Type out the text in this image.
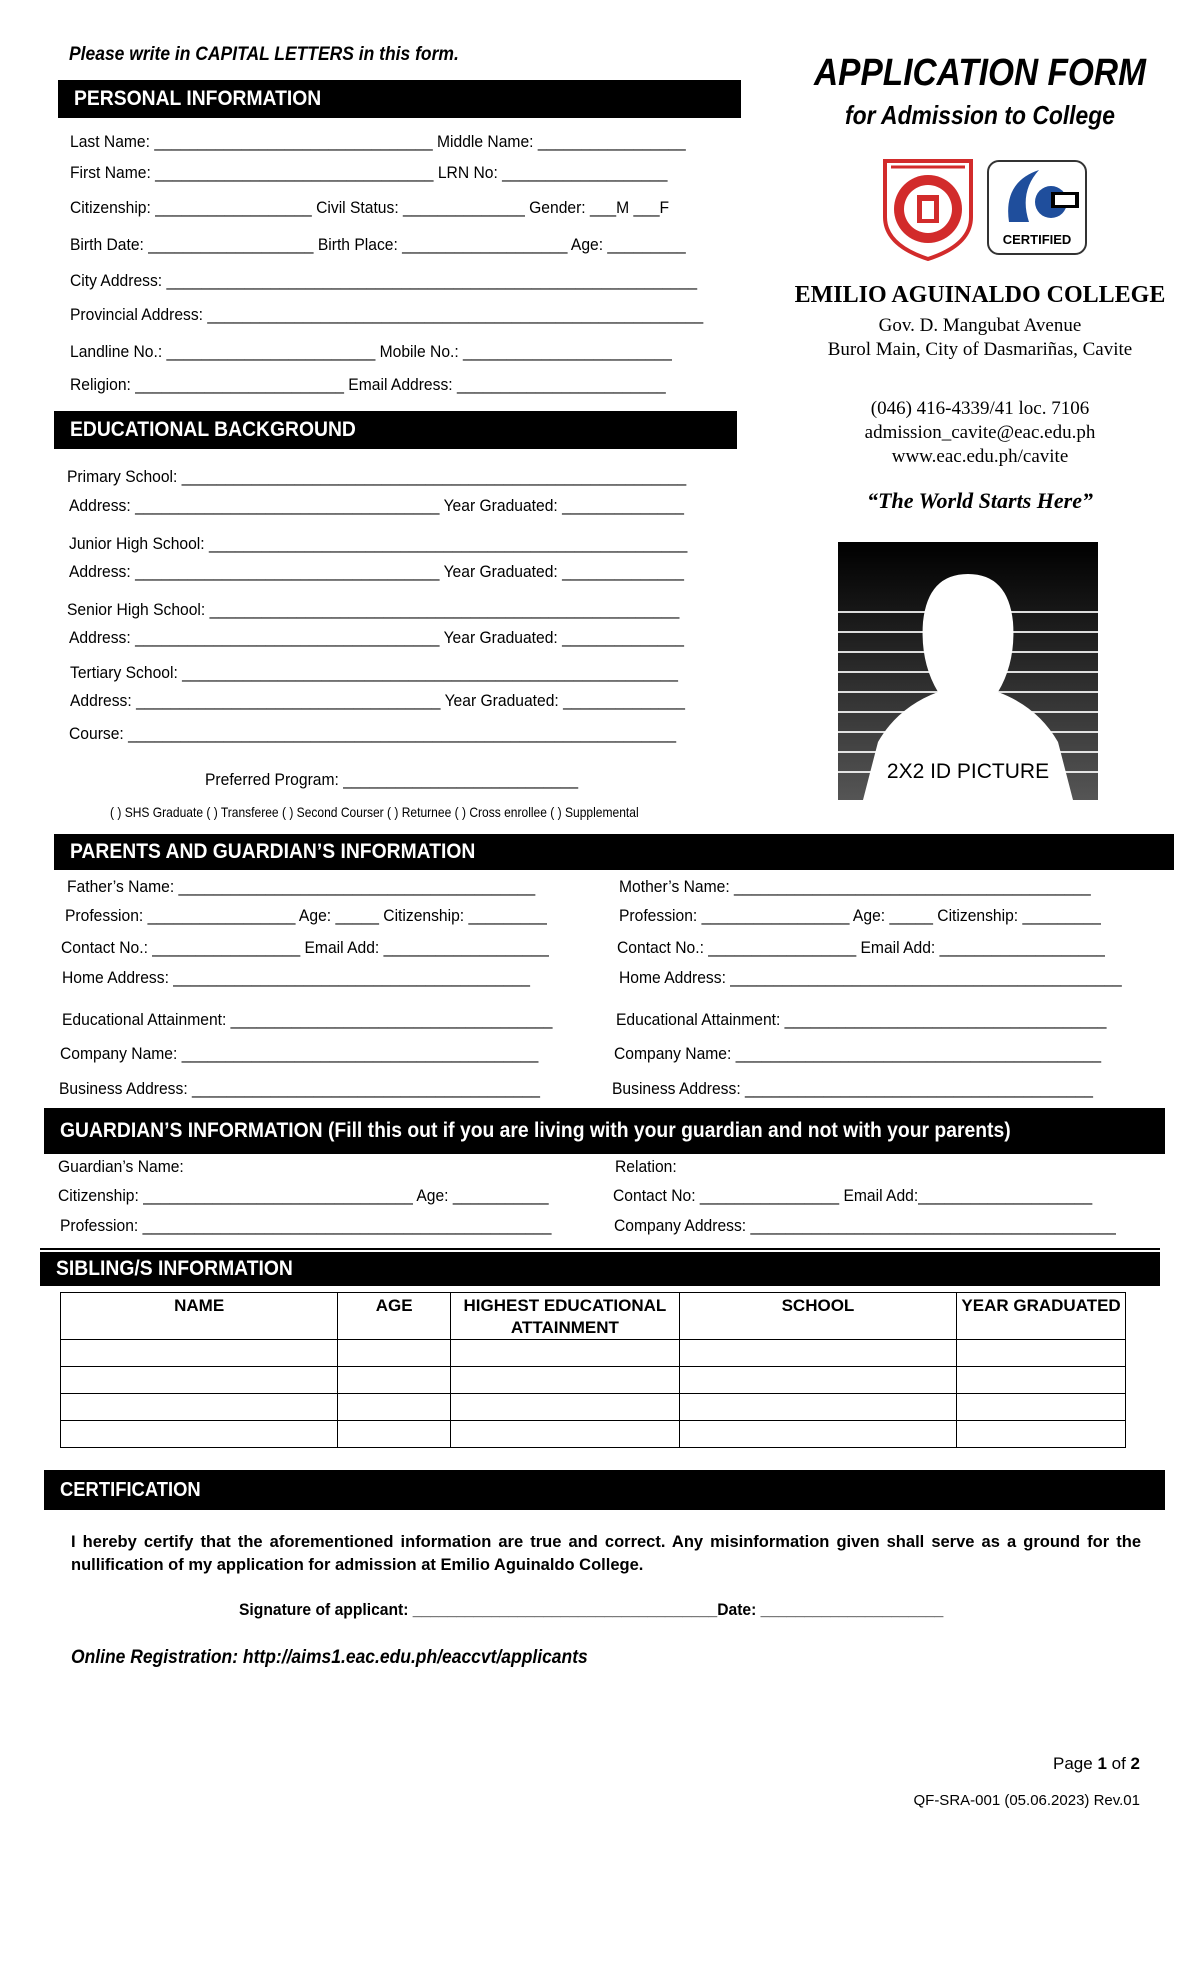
Please write in CAPITAL LETTERS in this form.	APPLICATION FORM
for Admission to College
CERTIFIED
EMILIO AGUINALDO COLLEGE
Gov. D. Mangubat Avenue
Burol Main, City of Dasmariñas, Cavite
(046) 416-4339/41 loc. 7106
admission_cavite@eac.edu.ph
www.eac.edu.ph/cavite
“The World Starts Here”
2X2 ID PICTURE
PERSONAL INFORMATION
Last Name: ________________________________ Middle Name: _________________
First Name: ________________________________ LRN No: ___________________
Citizenship: __________________ Civil Status: ______________ Gender: ___M ___F
Birth Date: ___________________ Birth Place: ___________________ Age: _________
City Address: _____________________________________________________________
Provincial Address: _________________________________________________________
Landline No.: ________________________ Mobile No.: ________________________
Religion: ________________________ Email Address: ________________________
EDUCATIONAL BACKGROUND
Primary School: __________________________________________________________
Address: ___________________________________ Year Graduated: ______________
Junior High School: _______________________________________________________
Address: ___________________________________ Year Graduated: ______________
Senior High School: ______________________________________________________
Address: ___________________________________ Year Graduated: ______________
Tertiary School: _________________________________________________________
Address: ___________________________________ Year Graduated: ______________
Course: _______________________________________________________________
Preferred Program: ___________________________
( ) SHS Graduate ( ) Transferee ( ) Second Courser ( ) Returnee ( ) Cross enrollee ( ) Supplemental
PARENTS AND GUARDIAN’S INFORMATION
Father’s Name: _________________________________________
Profession: _________________ Age: _____ Citizenship: _________
Contact No.: _________________ Email Add: ___________________
Home Address: _________________________________________
Educational Attainment: _____________________________________
Company Name: _________________________________________
Business Address: ________________________________________
Mother’s Name: _________________________________________
Profession: _________________ Age: _____ Citizenship: _________
Contact No.: _________________ Email Add: ___________________
Home Address: _____________________________________________
Educational Attainment: _____________________________________
Company Name: __________________________________________
Business Address: ________________________________________
GUARDIAN’S INFORMATION (Fill this out if you are living with your guardian and not with your parents)
Guardian’s Name:
Citizenship: _______________________________ Age: ___________
Profession: _______________________________________________
Relation:
Contact No: ________________ Email Add:____________________
Company Address: __________________________________________
SIBLING/S INFORMATION
NAME	AGE	HIGHEST EDUCATIONAL ATTAINMENT	SCHOOL	YEAR GRADUATED

CERTIFICATION
I hereby certify that the aforementioned information are true and correct. Any misinformation given shall serve as a ground for the nullification of my application for admission at Emilio Aguinaldo College.
Signature of applicant: ___________________________________Date: _____________________
Online Registration: http://aims1.eac.edu.ph/eaccvt/applicants
Page 1 of 2
QF-SRA-001 (05.06.2023) Rev.01
